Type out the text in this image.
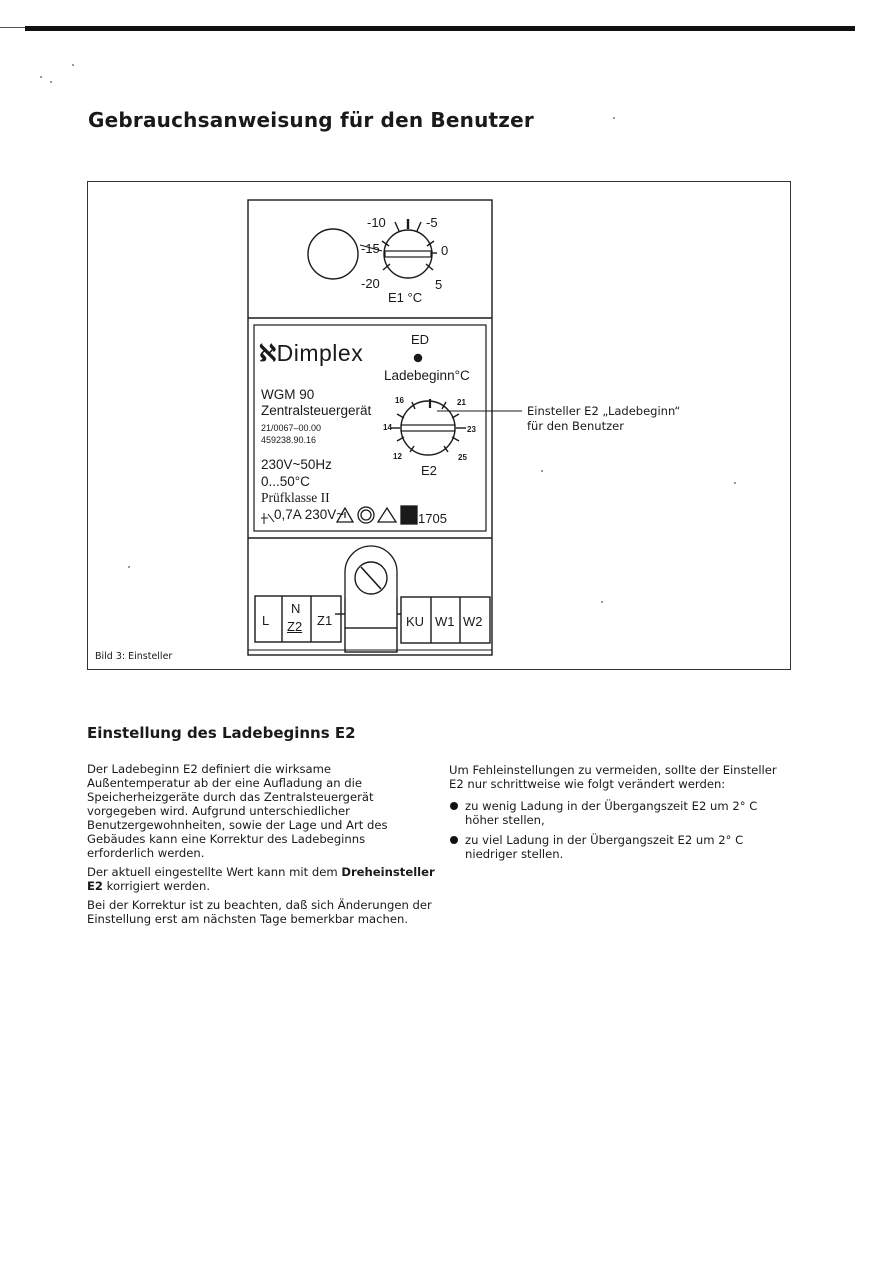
Gebrauchsanweisung für den Benutzer
-10	-5
-15	0
-20	5
E1 °C
ED
ℵDimplex
Ladebeginn°C
WGM 90
Zentralsteuergerät
21/0067–00.00
459238.90.16
230V~50Hz
0...50°C
Prüfklasse II
0,7A 230V~	1705
E2
16	21
14	23
12	25
L
N
Z2 Z1	KU W1 W2
Einsteller E2 „Ladebeginn“
für den Benutzer
Bild 3: Einsteller
Einstellung des Ladebeginns E2

Der Ladebeginn E2 definiert die wirksame Außentemperatur ab der eine Aufladung an die Speicherheizgeräte durch das Zentralsteuergerät vorgegeben wird. Aufgrund unterschiedlicher Benutzergewohnheiten, sowie der Lage und Art des Gebäudes kann eine Korrektur des Ladebeginns erforderlich werden.

Der aktuell eingestellte Wert kann mit dem Dreheinsteller E2 korrigiert werden.

Bei der Korrektur ist zu beachten, daß sich Änderungen der Einstellung erst am nächsten Tage bemerkbar machen.

Um Fehleinstellungen zu vermeiden, sollte der Einsteller E2 nur schrittweise wie folgt verändert werden:

zu wenig Ladung in der Übergangszeit E2 um 2° C höher stellen,
zu viel Ladung in der Übergangszeit E2 um 2° C niedriger stellen.
